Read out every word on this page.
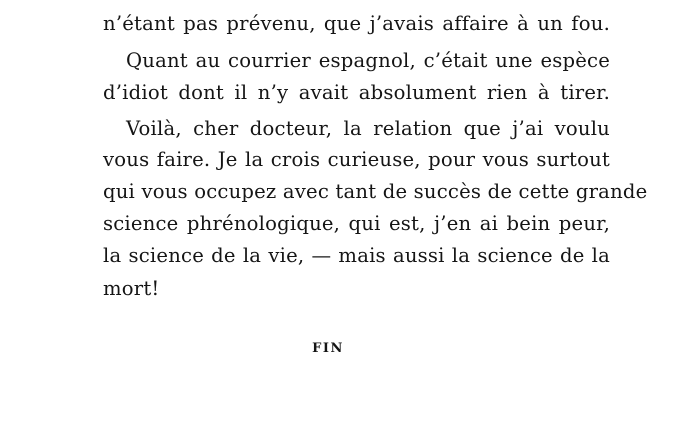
n’étant pas prévenu, que j’avais affaire à un fou.
Quant au courrier espagnol, c’était une espèce
d’idiot dont il n’y avait absolument rien à tirer.
Voilà, cher docteur, la relation que j’ai voulu
vous faire. Je la crois curieuse, pour vous surtout
qui vous occupez avec tant de succès de cette grande
science phrénologique, qui est, j’en ai bein peur,
la science de la vie, — mais aussi la science de la
mort!
FIN
